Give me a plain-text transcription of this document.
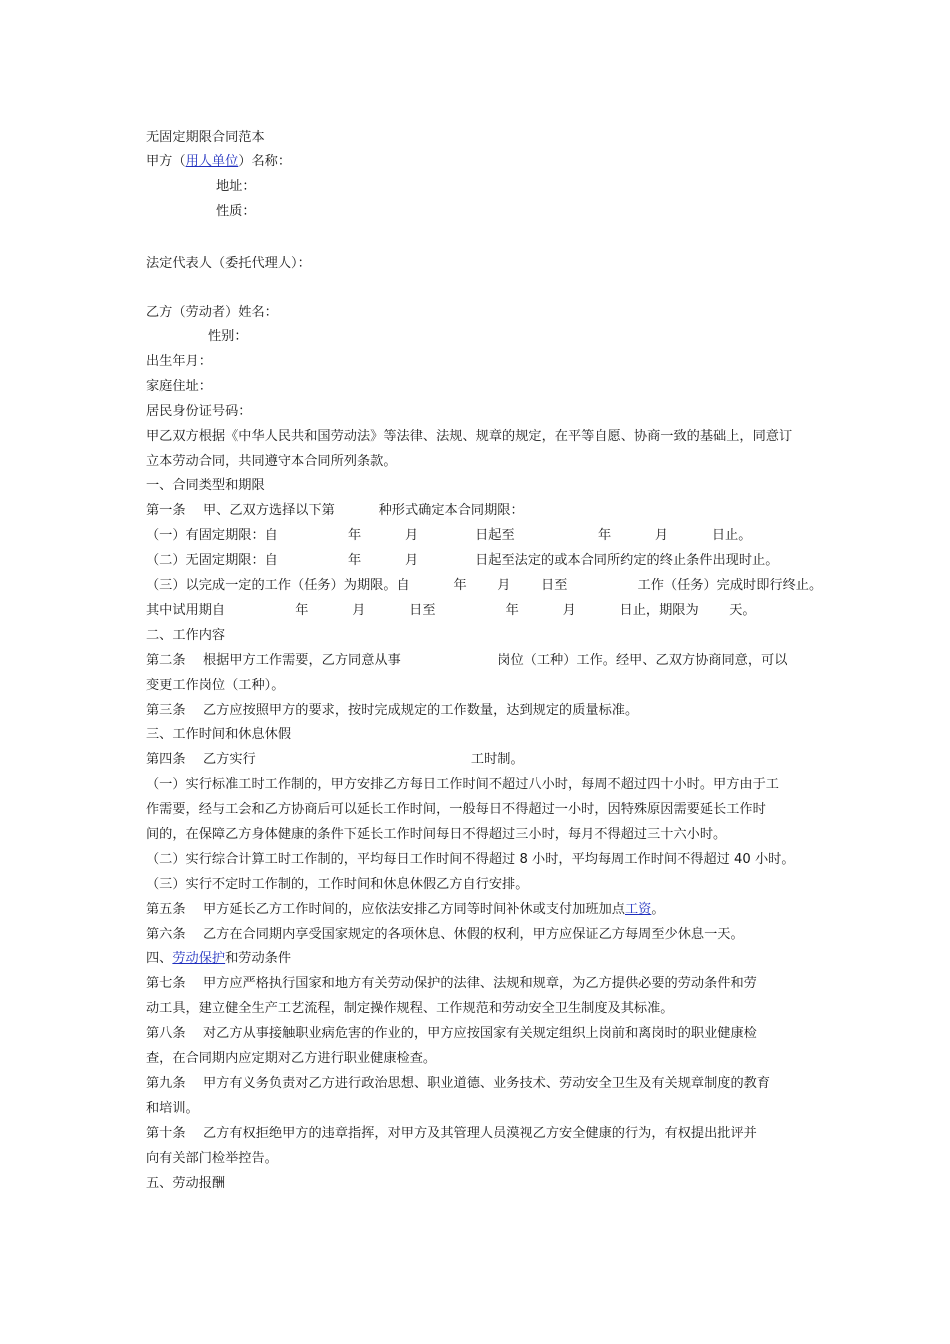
无固定期限合同范本

甲方（用人单位）名称：

地址：

性质：

法定代表人（委托代理人）：

乙方（劳动者）姓名：

性别：

出生年月：

家庭住址：

居民身份证号码：

甲乙双方根据《中华人民共和国劳动法》等法律、法规、规章的规定，在平等自愿、协商一致的基础上，同意订

立本劳动合同，共同遵守本合同所列条款。

一、合同类型和期限

第一条　 甲、乙双方选择以下第　　　 种形式确定本合同期限：

（一）有固定期限：自　　　　　 年　　　 月　　　　 日起至　　　　　　 年　　　 月　　　 日止。

（二）无固定期限：自　　　　　 年　　　 月　　　　 日起至法定的或本合同所约定的终止条件出现时止。

（三）以完成一定的工作（任务）为期限。自　　　 年　　 月　　 日至　　　　　 工作（任务）完成时即行终止。

其中试用期自　　　　　 年　　　 月　　　 日至　　　　　 年　　　 月　　　 日止，期限为　　 天。

二、工作内容

第二条　 根据甲方工作需要，乙方同意从事　　　　　　　 岗位（工种）工作。经甲、乙双方协商同意，可以

变更工作岗位（工种）。

第三条　 乙方应按照甲方的要求，按时完成规定的工作数量，达到规定的质量标准。

三、工作时间和休息休假

第四条　 乙方实行　　　　　　　　　　　　　　　　 工时制。

（一）实行标准工时工作制的，甲方安排乙方每日工作时间不超过八小时，每周不超过四十小时。甲方由于工

作需要，经与工会和乙方协商后可以延长工作时间，一般每日不得超过一小时，因特殊原因需要延长工作时

间的，在保障乙方身体健康的条件下延长工作时间每日不得超过三小时，每月不得超过三十六小时。

（二）实行综合计算工时工作制的，平均每日工作时间不得超过 8 小时，平均每周工作时间不得超过 40 小时。

（三）实行不定时工作制的，工作时间和休息休假乙方自行安排。

第五条　 甲方延长乙方工作时间的，应依法安排乙方同等时间补休或支付加班加点工资。

第六条　 乙方在合同期内享受国家规定的各项休息、休假的权利，甲方应保证乙方每周至少休息一天。

四、劳动保护和劳动条件

第七条　 甲方应严格执行国家和地方有关劳动保护的法律、法规和规章，为乙方提供必要的劳动条件和劳

动工具，建立健全生产工艺流程，制定操作规程、工作规范和劳动安全卫生制度及其标准。

第八条　 对乙方从事接触职业病危害的作业的，甲方应按国家有关规定组织上岗前和离岗时的职业健康检

查，在合同期内应定期对乙方进行职业健康检查。

第九条　 甲方有义务负责对乙方进行政治思想、职业道德、业务技术、劳动安全卫生及有关规章制度的教育

和培训。

第十条　 乙方有权拒绝甲方的违章指挥，对甲方及其管理人员漠视乙方安全健康的行为，有权提出批评并

向有关部门检举控告。

五、劳动报酬
